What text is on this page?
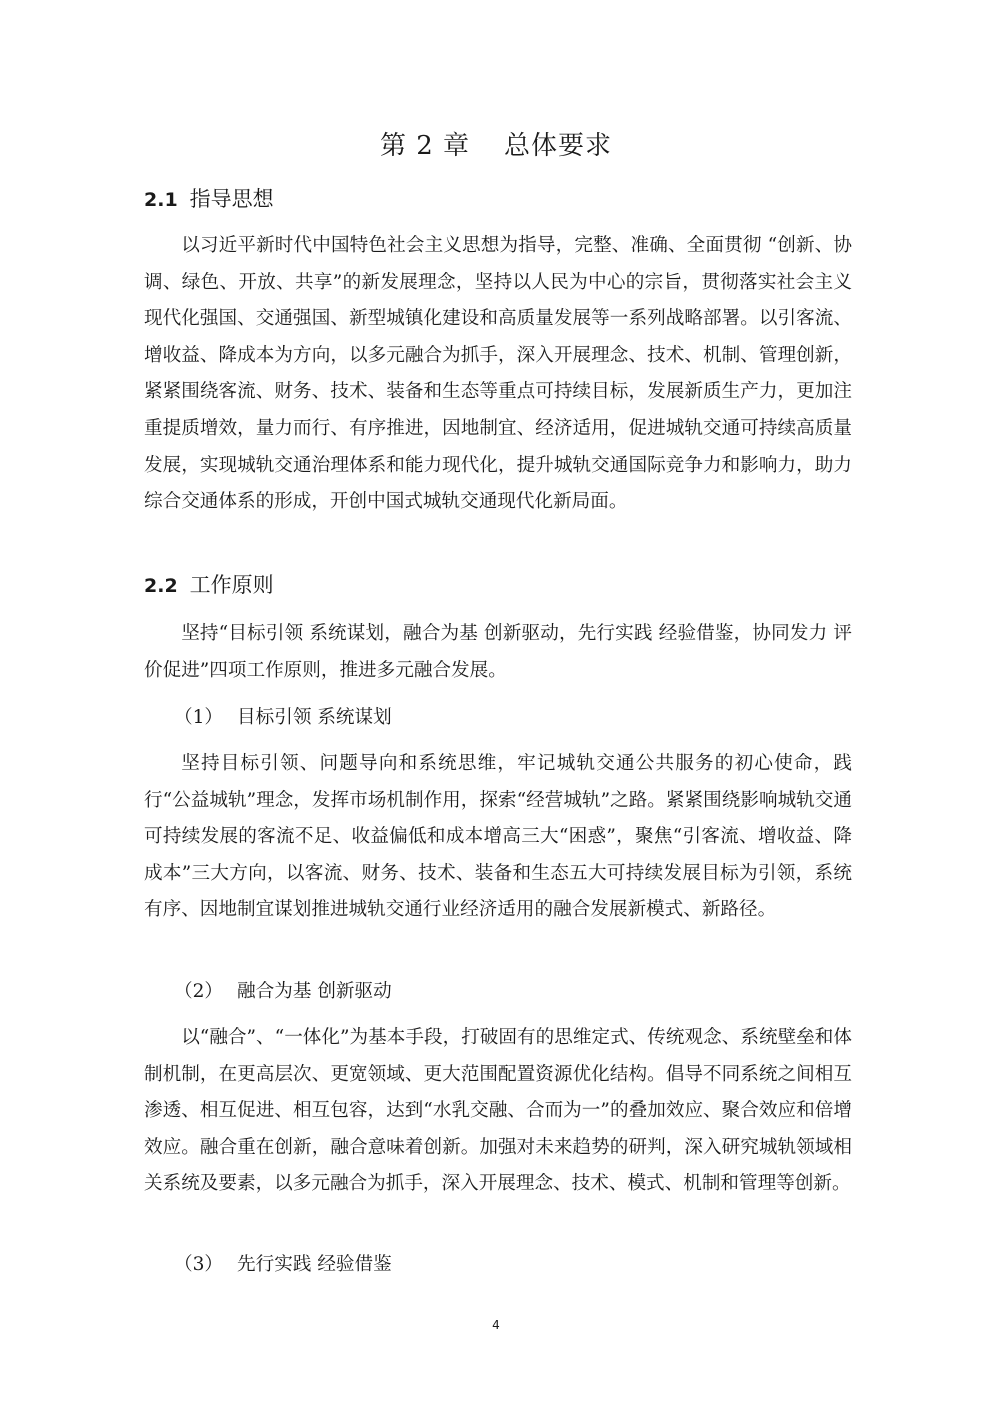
第 2 章 总体要求
2.1 指导思想

以习近平新时代中国特色社会主义思想为指导，完整、准确、全面贯彻 “创新、协调、绿色、开放、共享”的新发展理念，坚持以人民为中心的宗旨，贯彻落实社会主义现代化强国、交通强国、新型城镇化建设和高质量发展等一系列战略部署。以引客流、增收益、降成本为方向，以多元融合为抓手，深入开展理念、技术、机制、管理创新，紧紧围绕客流、财务、技术、装备和生态等重点可持续目标，发展新质生产力，更加注重提质增效，量力而行、有序推进，因地制宜、经济适用，促进城轨交通可持续高质量发展，实现城轨交通治理体系和能力现代化，提升城轨交通国际竞争力和影响力，助力综合交通体系的形成，开创中国式城轨交通现代化新局面。

2.2 工作原则

坚持“目标引领 系统谋划，融合为基 创新驱动，先行实践 经验借鉴，协同发力 评价促进”四项工作原则，推进多元融合发展。

（1） 目标引领 系统谋划

坚持目标引领、问题导向和系统思维，牢记城轨交通公共服务的初心使命，践行“公益城轨”理念，发挥市场机制作用，探索“经营城轨”之路。紧紧围绕影响城轨交通可持续发展的客流不足、收益偏低和成本增高三大“困惑”，聚焦“引客流、增收益、降成本”三大方向，以客流、财务、技术、装备和生态五大可持续发展目标为引领，系统有序、因地制宜谋划推进城轨交通行业经济适用的融合发展新模式、新路径。

（2） 融合为基 创新驱动

以“融合”、“一体化”为基本手段，打破固有的思维定式、传统观念、系统壁垒和体制机制，在更高层次、更宽领域、更大范围配置资源优化结构。倡导不同系统之间相互渗透、相互促进、相互包容，达到“水乳交融、合而为一”的叠加效应、聚合效应和倍增效应。融合重在创新，融合意味着创新。加强对未来趋势的研判，深入研究城轨领域相关系统及要素，以多元融合为抓手，深入开展理念、技术、模式、机制和管理等创新。

（3） 先行实践 经验借鉴
4
